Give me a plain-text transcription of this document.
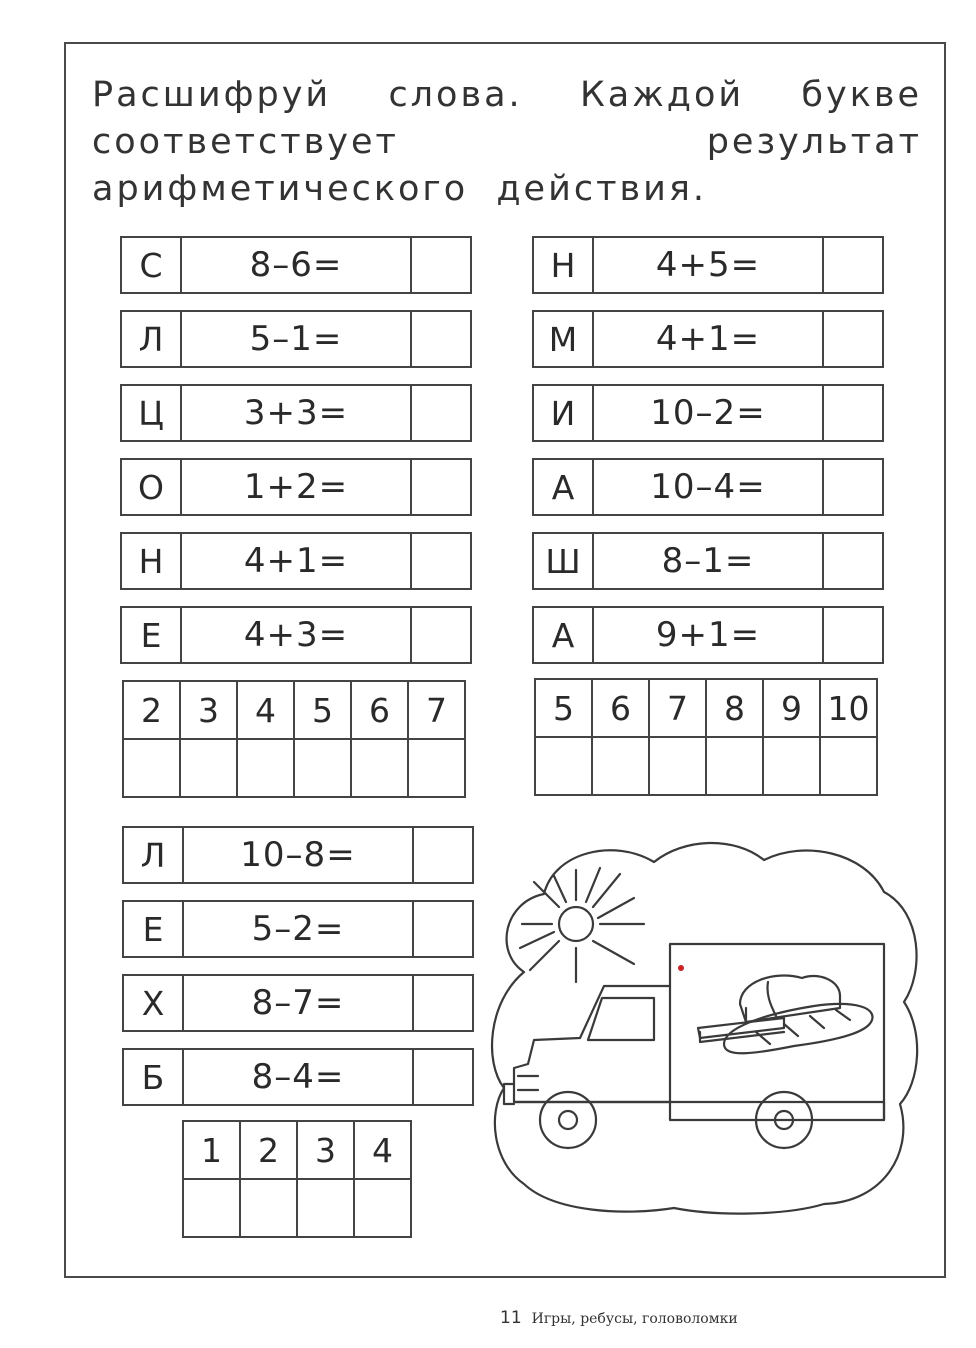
Расшифруй слова. Каждой букве соответствует результат арифметического действия.

С	8–6=
Л	5–1=
Ц	3+3=
О	1+2=
Н	4+1=
Е	4+3=
2	3	4	5	6	7

Н	4+5=
М	4+1=
И	10–2=
А	10–4=
Ш	8–1=
А	9+1=
5	6	7	8	9	10

Л	10–8=
Е	5–2=
Х	8–7=
Б	8–4=
1	2	3	4

11 Игры, ребусы, головоломки
